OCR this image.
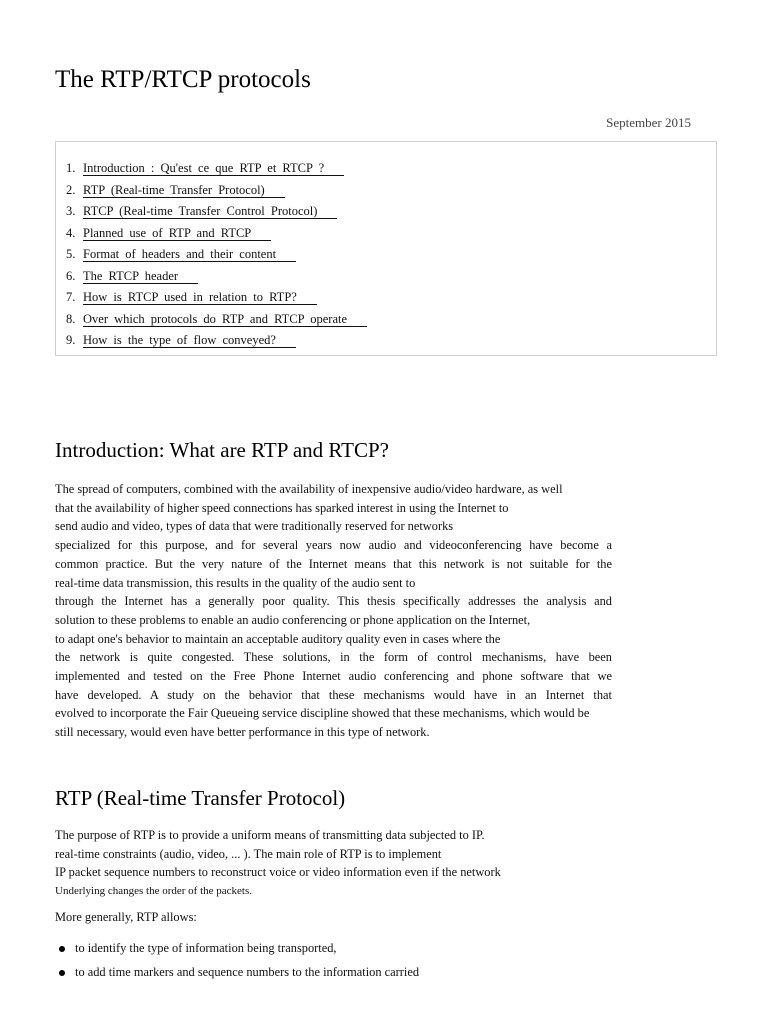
The RTP/RTCP protocols
September 2015
1. Introduction : Qu'est ce que RTP et RTCP ?
2. RTP (Real-time Transfer Protocol)
3. RTCP (Real-time Transfer Control Protocol)
4. Planned use of RTP and RTCP
5. Format of headers and their content
6. The RTCP header
7. How is RTCP used in relation to RTP?
8. Over which protocols do RTP and RTCP operate
9. How is the type of flow conveyed?
Introduction: What are RTP and RTCP?
The spread of computers, combined with the availability of inexpensive audio/video hardware, as well
that the availability of higher speed connections has sparked interest in using the Internet to
send audio and video, types of data that were traditionally reserved for networks
specialized for this purpose, and for several years now audio and videoconferencing have become a
common practice. But the very nature of the Internet means that this network is not suitable for the
real-time data transmission, this results in the quality of the audio sent to
through the Internet has a generally poor quality. This thesis specifically addresses the analysis and
solution to these problems to enable an audio conferencing or phone application on the Internet,
to adapt one's behavior to maintain an acceptable auditory quality even in cases where the
the network is quite congested. These solutions, in the form of control mechanisms, have been
implemented and tested on the Free Phone Internet audio conferencing and phone software that we
have developed. A study on the behavior that these mechanisms would have in an Internet that
evolved to incorporate the Fair Queueing service discipline showed that these mechanisms, which would be
still necessary, would even have better performance in this type of network.
RTP (Real-time Transfer Protocol)
The purpose of RTP is to provide a uniform means of transmitting data subjected to IP.
real-time constraints (audio, video, ... ). The main role of RTP is to implement
IP packet sequence numbers to reconstruct voice or video information even if the network
Underlying changes the order of the packets.
More generally, RTP allows:
to identify the type of information being transported,
to add time markers and sequence numbers to the information carried
